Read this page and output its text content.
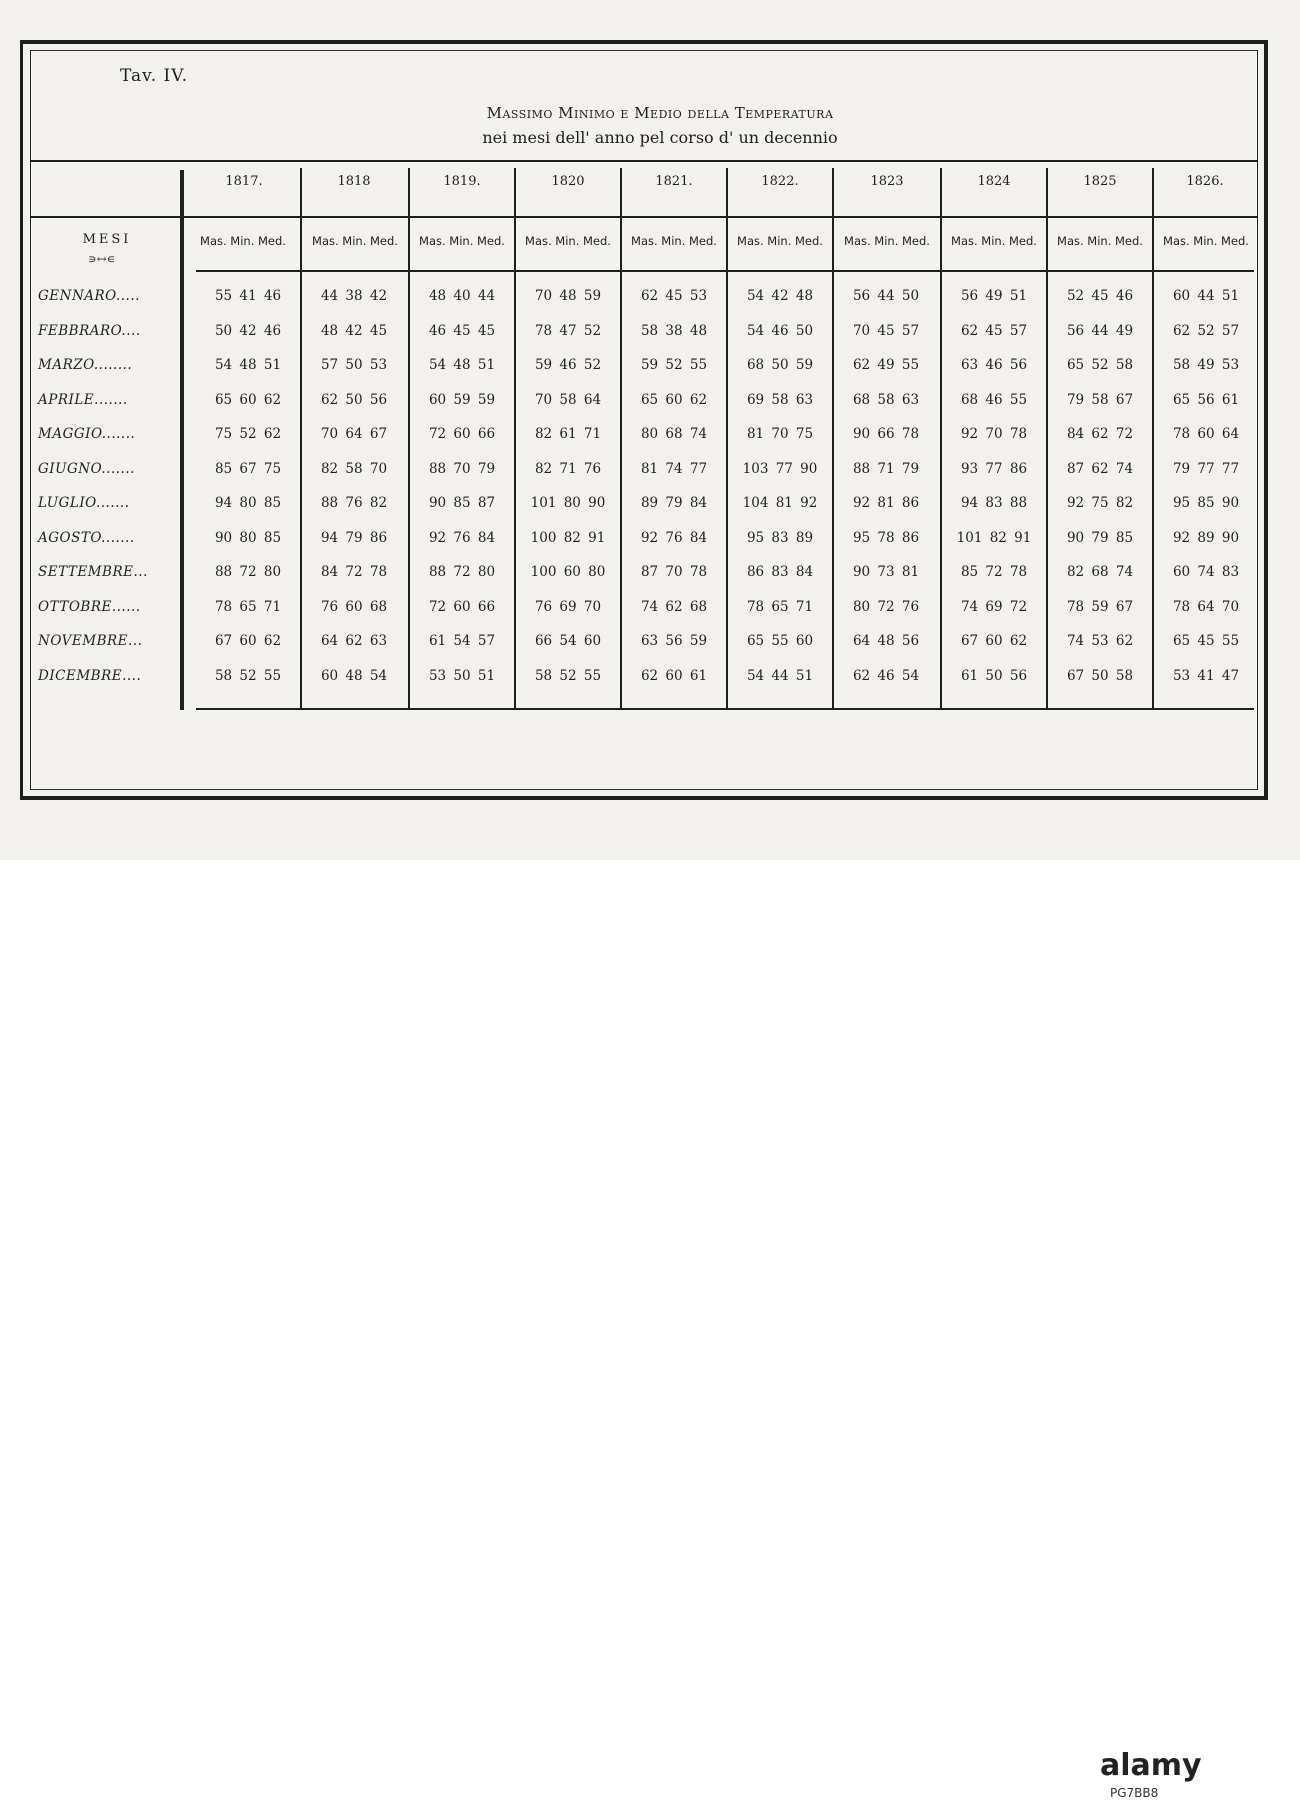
Tav. IV.
Massimo Minimo e Medio della Temperatura
nei mesi dell' anno pel corso d' un decennio
1817.	1818	1819.	1820	1821.	1822.	1823	1824	1825	1826.
MESI
∍↔∊
Mas. Min. Med.	Mas. Min. Med.	Mas. Min. Med.	Mas. Min. Med.	Mas. Min. Med.	Mas. Min. Med.	Mas. Min. Med.	Mas. Min. Med.	Mas. Min. Med.	Mas. Min. Med.
GENNARO.....	55 41 46	44 38 42	48 40 44	70 48 59	62 45 53	54 42 48	56 44 50	56 49 51	52 45 46	60 44 51
FEBBRARO....	50 42 46	48 42 45	46 45 45	78 47 52	58 38 48	54 46 50	70 45 57	62 45 57	56 44 49	62 52 57
MARZO........	54 48 51	57 50 53	54 48 51	59 46 52	59 52 55	68 50 59	62 49 55	63 46 56	65 52 58	58 49 53
APRILE.......	65 60 62	62 50 56	60 59 59	70 58 64	65 60 62	69 58 63	68 58 63	68 46 55	79 58 67	65 56 61
MAGGIO.......	75 52 62	70 64 67	72 60 66	82 61 71	80 68 74	81 70 75	90 66 78	92 70 78	84 62 72	78 60 64
GIUGNO.......	85 67 75	82 58 70	88 70 79	82 71 76	81 74 77	103 77 90	88 71 79	93 77 86	87 62 74	79 77 77
LUGLIO.......	94 80 85	88 76 82	90 85 87	101 80 90	89 79 84	104 81 92	92 81 86	94 83 88	92 75 82	95 85 90
AGOSTO.......	90 80 85	94 79 86	92 76 84	100 82 91	92 76 84	95 83 89	95 78 86	101 82 91	90 79 85	92 89 90
SETTEMBRE...	88 72 80	84 72 78	88 72 80	100 60 80	87 70 78	86 83 84	90 73 81	85 72 78	82 68 74	60 74 83
OTTOBRE......	78 65 71	76 60 68	72 60 66	76 69 70	74 62 68	78 65 71	80 72 76	74 69 72	78 59 67	78 64 70
NOVEMBRE...	67 60 62	64 62 63	61 54 57	66 54 60	63 56 59	65 55 60	64 48 56	67 60 62	74 53 62	65 45 55
DICEMBRE....	58 52 55	60 48 54	53 50 51	58 52 55	62 60 61	54 44 51	62 46 54	61 50 56	67 50 58	53 41 47
alamy
PG7BB8
